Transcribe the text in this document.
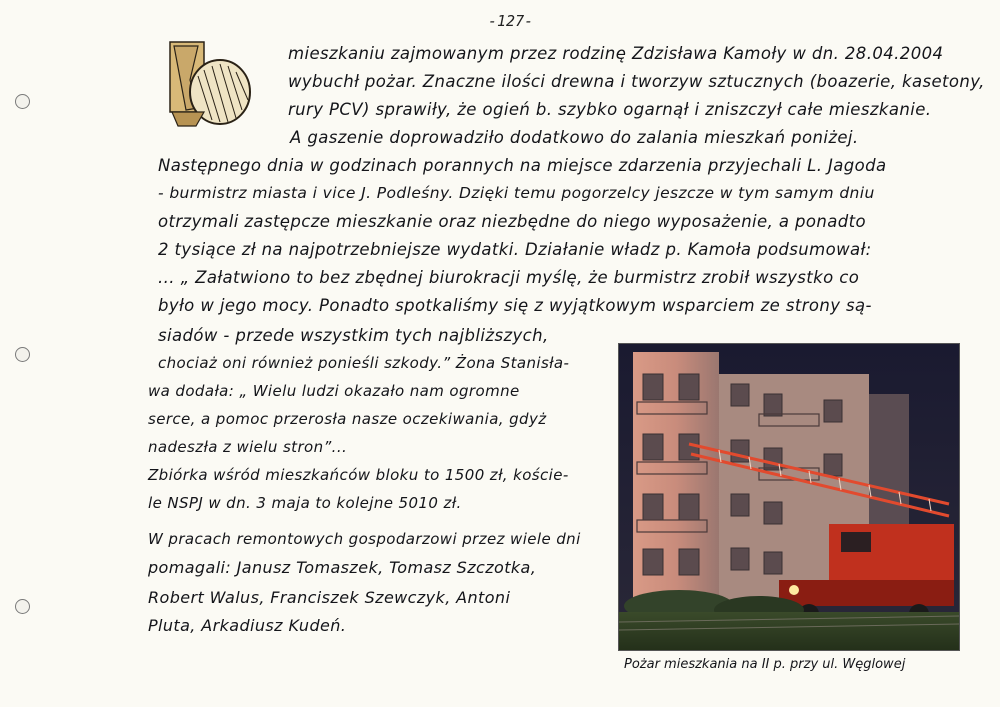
-127-
mieszkaniu zajmowanym przez rodzinę Zdzisława Kamoły w dn. 28.04.2004
wybuchł pożar. Znaczne ilości drewna i tworzyw sztucznych (boazerie, kasetony,
rury PCV) sprawiły, że ogień b. szybko ogarnął i zniszczył całe mieszkanie.
A gaszenie doprowadziło dodatkowo do zalania mieszkań poniżej.
Następnego dnia w godzinach porannych na miejsce zdarzenia przyjechali L. Jagoda
- burmistrz miasta i vice J. Podleśny. Dzięki temu pogorzelcy jeszcze w tym samym dniu
otrzymali zastępcze mieszkanie oraz niezbędne do niego wyposażenie, a ponadto
2 tysiące zł na najpotrzebniejsze wydatki. Działanie władz p. Kamoła podsumował:
... „ Załatwiono to bez zbędnej biurokracji myślę, że burmistrz zrobił wszystko co
było w jego mocy. Ponadto spotkaliśmy się z wyjątkowym wsparciem ze strony są-
siadów - przede wszystkim tych najbliższych,
chociaż oni również ponieśli szkody.” Żona Stanisła-
wa dodała: „ Wielu ludzi okazało nam ogromne
serce, a pomoc przerosła nasze oczekiwania, gdyż
nadeszła z wielu stron”...
Zbiórka wśród mieszkańców bloku to 1500 zł, koście-
le NSPJ w dn. 3 maja to kolejne 5010 zł.
W pracach remontowych gospodarzowi przez wiele dni
pomagali: Janusz Tomaszek, Tomasz Szczotka,
Robert Walus, Franciszek Szewczyk, Antoni
Pluta, Arkadiusz Kudeń.
Pożar mieszkania na II p. przy ul. Węglowej
